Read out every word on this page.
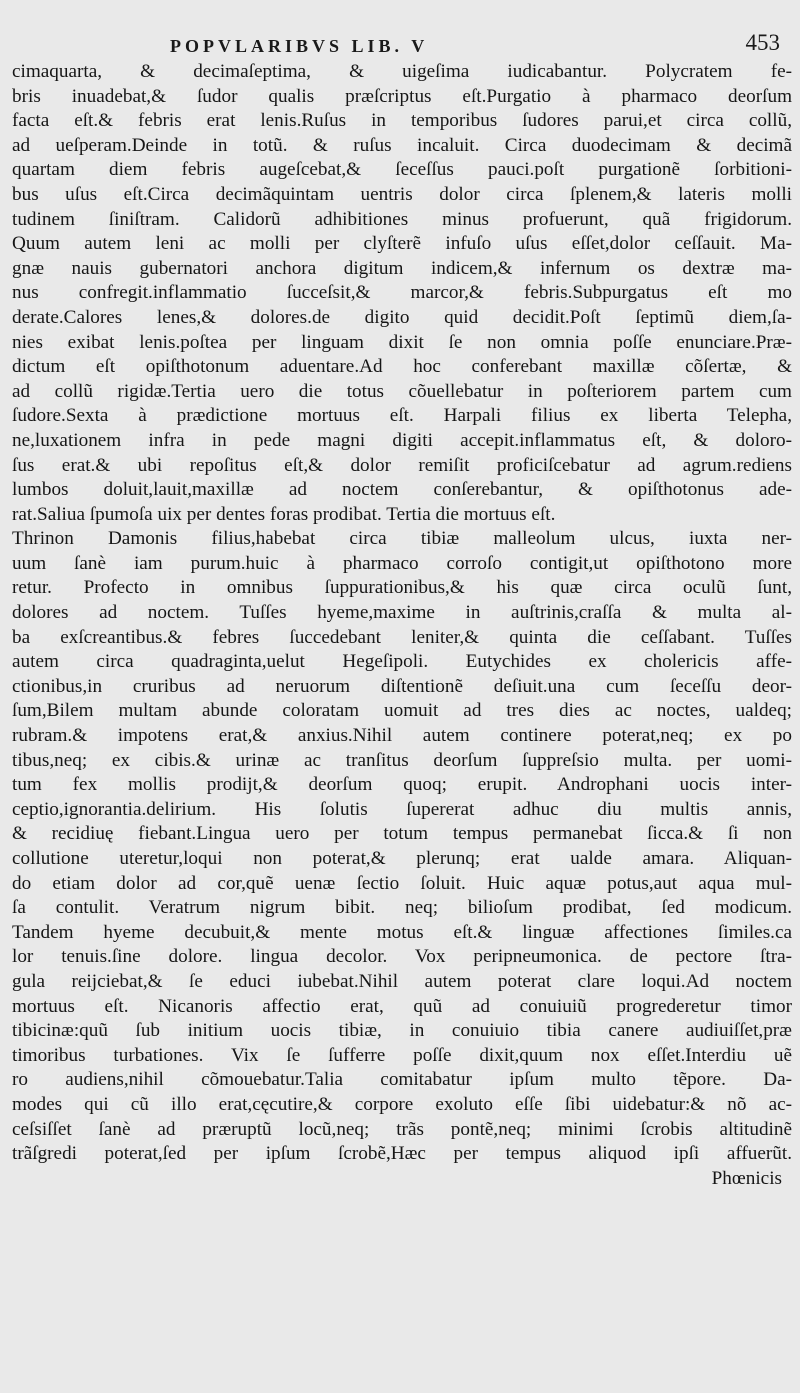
POPVLARIBVS LIB. V	453
cimaquarta, & decimaſeptima, & uigeſima iudicabantur. Polycratem fe-
bris inuadebat,& ſudor qualis præſcriptus eſt.Purgatio à pharmaco deorſum
facta eſt.& febris erat lenis.Ruſus in temporibus ſudores parui,et circa collũ,
ad ueſperam.Deinde in totũ. & ruſus incaluit. Circa duodecimam & decimã
quartam diem febris augeſcebat,& ſeceſſus pauci.poſt purgationẽ ſorbitioni-
bus uſus eſt.Circa decimãquintam uentris dolor circa ſplenem,& lateris molli
tudinem ſiniſtram. Calidorũ adhibitiones minus profuerunt, quã frigidorum.
Quum autem leni ac molli per clyſterẽ infuſo uſus eſſet,dolor ceſſauit. Ma-
gnæ nauis gubernatori anchora digitum indicem,& infernum os dextræ ma-
nus confregit.inflammatio ſucceſsit,& marcor,& febris.Subpurgatus eſt mo
derate.Calores lenes,& dolores.de digito quid decidit.Poſt ſeptimũ diem,ſa-
nies exibat lenis.poſtea per linguam dixit ſe non omnia poſſe enunciare.Præ-
dictum eſt opiſthotonum aduentare.Ad hoc conferebant maxillæ cõſertæ, &
ad collũ rigidæ.Tertia uero die totus cõuellebatur in poſteriorem partem cum
ſudore.Sexta à prædictione mortuus eſt. Harpali filius ex liberta Telepha,
ne,luxationem infra in pede magni digiti accepit.inflammatus eſt, & doloro-
ſus erat.& ubi repoſitus eſt,& dolor remiſit proficiſcebatur ad agrum.rediens
lumbos doluit,lauit,maxillæ ad noctem conſerebantur, & opiſthotonus ade-
rat.Saliua ſpumoſa uix per dentes foras prodibat. Tertia die mortuus eſt.
Thrinon Damonis filius,habebat circa tibiæ malleolum ulcus, iuxta ner-
uum ſanè iam purum.huic à pharmaco corroſo contigit,ut opiſthotono more
retur. Profecto in omnibus ſuppurationibus,& his quæ circa oculũ ſunt,
dolores ad noctem. Tuſſes hyeme,maxime in auſtrinis,craſſa & multa al-
ba exſcreantibus.& febres ſuccedebant leniter,& quinta die ceſſabant. Tuſſes
autem circa quadraginta,uelut Hegeſipoli. Eutychides ex cholericis affe-
ctionibus,in cruribus ad neruorum diſtentionẽ deſiuit.una cum ſeceſſu deor-
ſum,Bilem multam abunde coloratam uomuit ad tres dies ac noctes, ualdeq;
rubram.& impotens erat,& anxius.Nihil autem continere poterat,neq; ex po
tibus,neq; ex cibis.& urinæ ac tranſitus deorſum ſuppreſsio multa. per uomi-
tum fex mollis prodijt,& deorſum quoq; erupit. Androphani uocis inter-
ceptio,ignorantia.delirium. His ſolutis ſupererat adhuc diu multis annis,
& recidiuę fiebant.Lingua uero per totum tempus permanebat ſicca.& ſi non
collutione uteretur,loqui non poterat,& plerunq; erat ualde amara. Aliquan-
do etiam dolor ad cor,quẽ uenæ ſectio ſoluit. Huic aquæ potus,aut aqua mul-
ſa contulit. Veratrum nigrum bibit. neq; bilioſum prodibat, ſed modicum.
Tandem hyeme decubuit,& mente motus eſt.& linguæ affectiones ſimiles.ca
lor tenuis.ſine dolore. lingua decolor. Vox peripneumonica. de pectore ſtra-
gula reijciebat,& ſe educi iubebat.Nihil autem poterat clare loqui.Ad noctem
mortuus eſt. Nicanoris affectio erat, quũ ad conuiuiũ progrederetur timor
tibicinæ:quũ ſub initium uocis tibiæ, in conuiuio tibia canere audiuiſſet,præ
timoribus turbationes. Vix ſe ſufferre poſſe dixit,quum nox eſſet.Interdiu uẽ
ro audiens,nihil cõmouebatur.Talia comitabatur ipſum multo tẽpore. Da-
modes qui cũ illo erat,cęcutire,& corpore exoluto eſſe ſibi uidebatur:& nõ ac-
ceſsiſſet ſanè ad præruptũ locũ,neq; trãs pontẽ,neq; minimi ſcrobis altitudinẽ
trãſgredi poterat,ſed per ipſum ſcrobẽ,Hæc per tempus aliquod ipſi affuerũt.
Phœnicis
